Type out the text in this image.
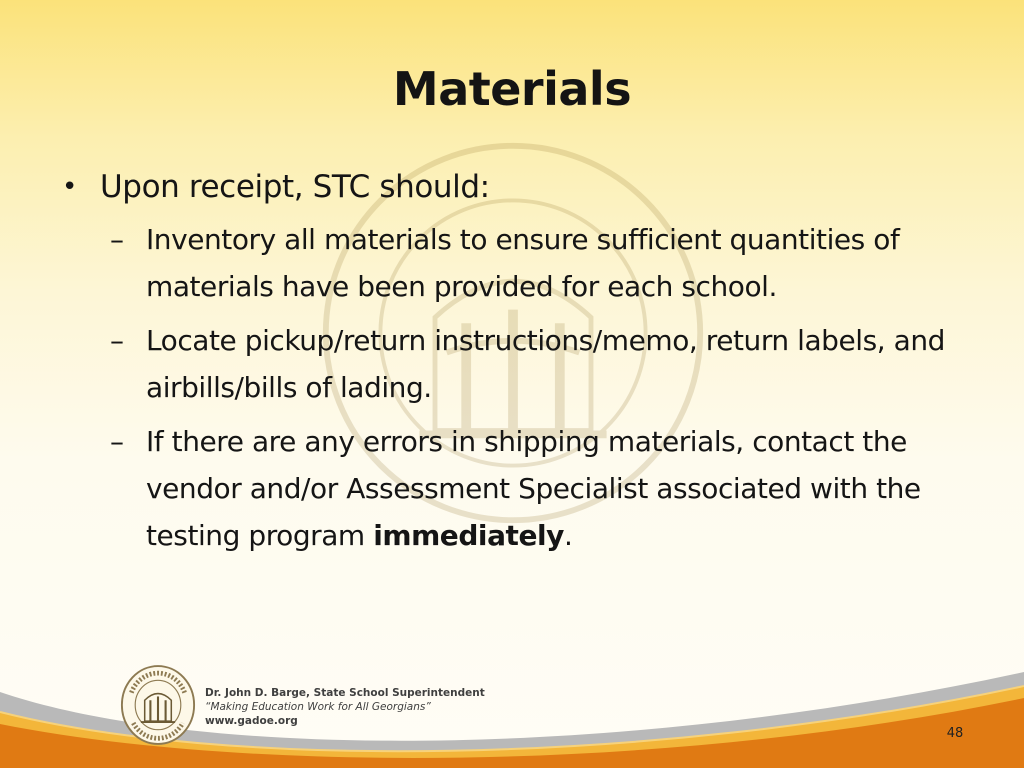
Materials
• Upon receipt, STC should:
– Inventory all materials to ensure sufficient quantities of materials have been provided for each school.
– Locate pickup/return instructions/memo, return labels, and airbills/bills of lading.
– If there are any errors in shipping materials, contact the vendor and/or Assessment Specialist associated with the testing program immediately.
Dr. John D. Barge, State School Superintendent
“Making Education Work for All Georgians”
www.gadoe.org
48
